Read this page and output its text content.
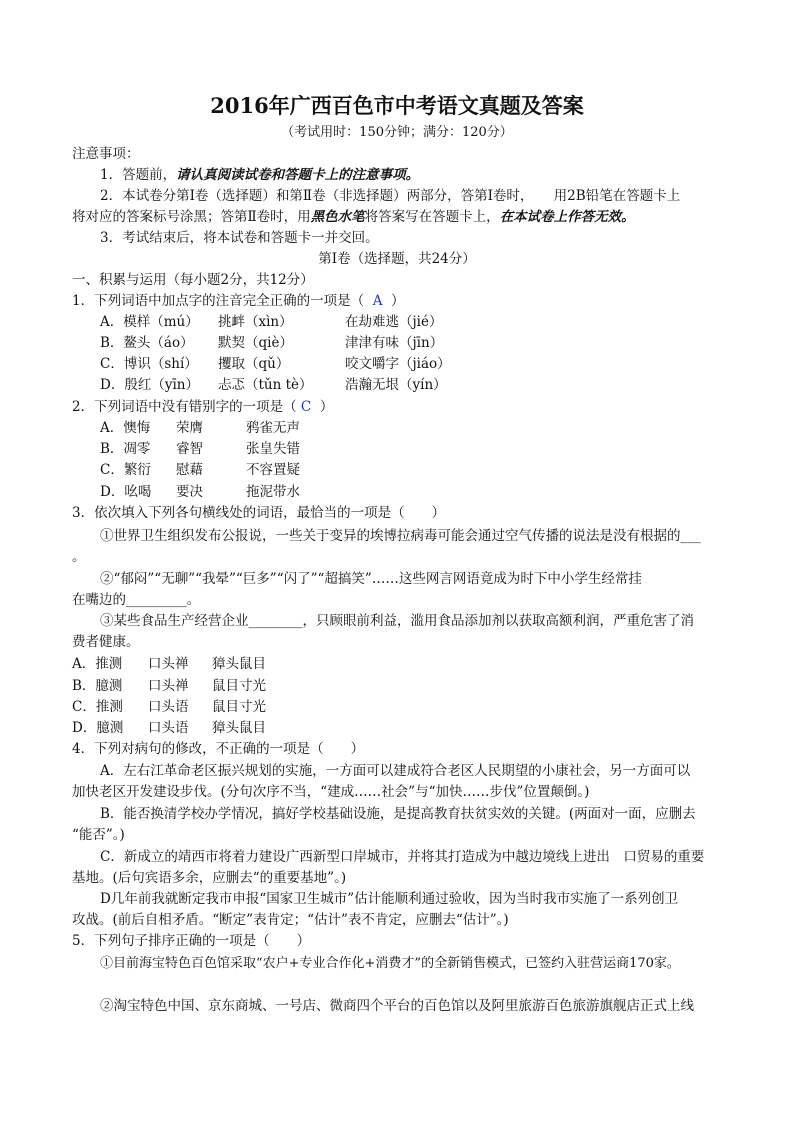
2016年广西百色市中考语文真题及答案
（考试用时：150分钟；满分：120分）
注意事项：
1．答题前，请认真阅读试卷和答题卡上的注意事项。
2．本试卷分第Ⅰ卷（选择题）和第Ⅱ卷（非选择题）两部分，答第Ⅰ卷时，　　用2B铅笔在答题卡上
将对应的答案标号涂黑；答第Ⅱ卷时，用黑色水笔将答案写在答题卡上，在本试卷上作答无效。
3．考试结束后，将本试卷和答题卡一并交回。
第Ⅰ卷（选择题，共24分）
一、积累与运用（每小题2分，共12分）
1．下列词语中加点字的注音完全正确的一项是（ A ）
A．模样（mú） 挑衅（xìn）	在劫难逃（jié）
B．鳌头（áo） 默契（qiè）	津津有味（jīn）
C．博识（shí） 攫取（qǔ）	咬文嚼字（jiáo）
D．殷红（yīn） 忐忑（tǔn tè） 浩瀚无垠（yín）
2．下列词语中没有错别字的一项是（ C ）
A．懊悔 荣膺	鸦雀无声
B．凋零 睿智	张皇失错
C．繁衍 慰藉	不容置疑
D．吆喝 要决	拖泥带水
3．依次填入下列各句横线处的词语，最恰当的一项是（　　）
①世界卫生组织发布公报说，一些关于变异的埃博拉病毒可能会通过空气传播的说法是没有根据的___
。
②“郁闷”“无聊”“我晕”“巨多”“闪了”“超搞笑”……这些网言网语竟成为时下中小学生经常挂
在嘴边的_________。
③某些食品生产经营企业________，只顾眼前利益，滥用食品添加剂以获取高额利润，严重危害了消
费者健康。
A．推测 口头禅 獐头鼠目
B．臆测 口头禅 鼠目寸光
C．推测 口头语 鼠目寸光
D．臆测 口头语 獐头鼠目
4．下列对病句的修改，不正确的一项是（　　）
A．左右江革命老区振兴规划的实施，一方面可以建成符合老区人民期望的小康社会，另一方面可以
加快老区开发建设步伐。(分句次序不当，“建成……社会”与“加快……步伐”位置颠倒。)
B．能否换清学校办学情况，搞好学校基础设施，是提高教育扶贫实效的关键。(两面对一面，应删去
“能否”。)
C．新成立的靖西市将着力建设广西新型口岸城市，并将其打造成为中越边境线上进出　口贸易的重要
基地。(后句宾语多余，应删去“的重要基地”。)
D几年前我就断定我市申报“国家卫生城市”估计能顺利通过验收，因为当时我市实施了一系列创卫
攻战。(前后自相矛盾。“断定”表肯定；“估计”表不肯定，应删去“估计”。)
5．下列句子排序正确的一项是（　　）
①目前海宝特色百色馆采取“农户+专业合作化+消费才”的全新销售模式，已签约入驻营运商170家。
②淘宝特色中国、京东商城、一号店、微商四个平台的百色馆以及阿里旅游百色旅游旗舰店正式上线
